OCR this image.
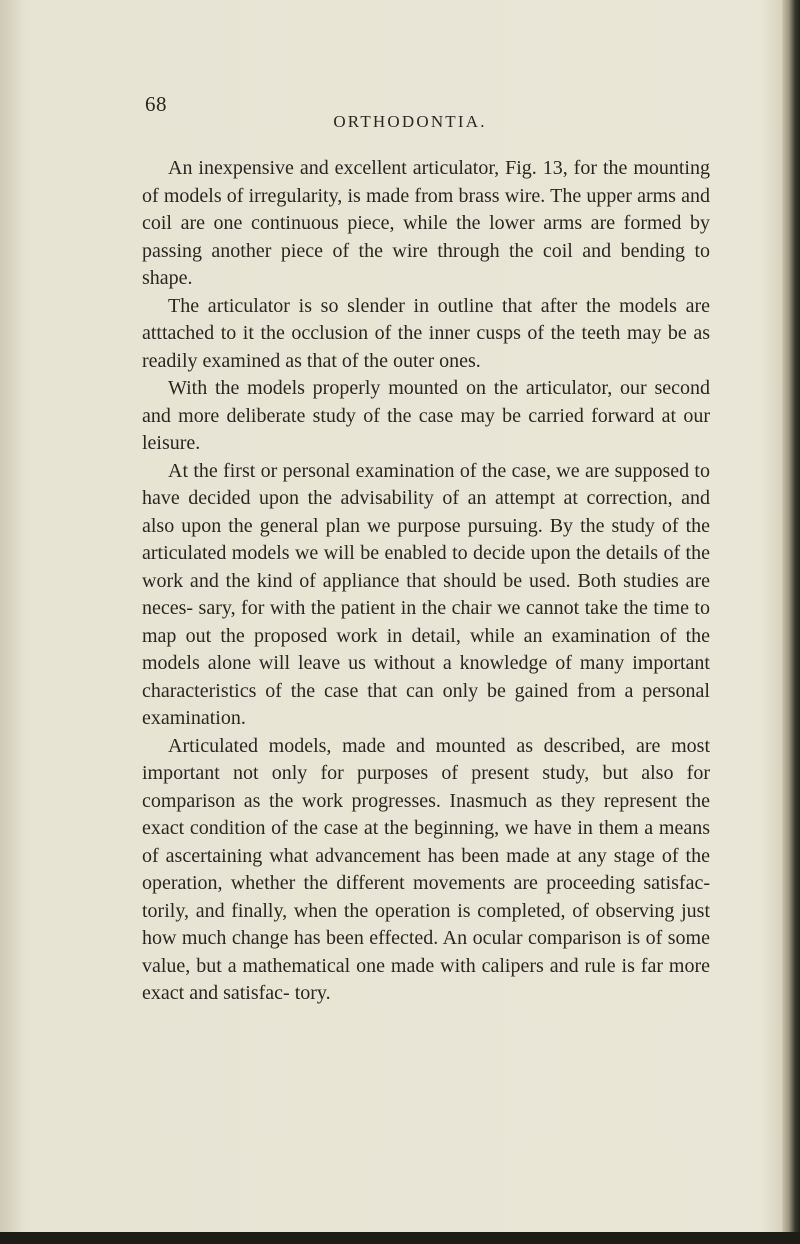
68
ORTHODONTIA.

An inexpensive and excellent articulator, Fig. 13, for the mounting of models of irregularity, is made from brass wire. The upper arms and coil are one continuous piece, while the lower arms are formed by passing another piece of the wire through the coil and bending to shape.

The articulator is so slender in outline that after the models are atttached to it the occlusion of the inner cusps of the teeth may be as readily examined as that of the outer ones.

With the models properly mounted on the articulator, our second and more deliberate study of the case may be carried forward at our leisure.

At the first or personal examination of the case, we are supposed to have decided upon the advisability of an attempt at correction, and also upon the general plan we purpose pursuing. By the study of the articulated models we will be enabled to decide upon the details of the work and the kind of appliance that should be used. Both studies are neces- sary, for with the patient in the chair we cannot take the time to map out the proposed work in detail, while an examination of the models alone will leave us without a knowledge of many important characteristics of the case that can only be gained from a personal examination.

Articulated models, made and mounted as described, are most important not only for purposes of present study, but also for comparison as the work progresses. Inasmuch as they represent the exact condition of the case at the beginning, we have in them a means of ascertaining what advancement has been made at any stage of the operation, whether the different movements are proceeding satisfac- torily, and finally, when the operation is completed, of observing just how much change has been effected. An ocular comparison is of some value, but a mathematical one made with calipers and rule is far more exact and satisfac- tory.
